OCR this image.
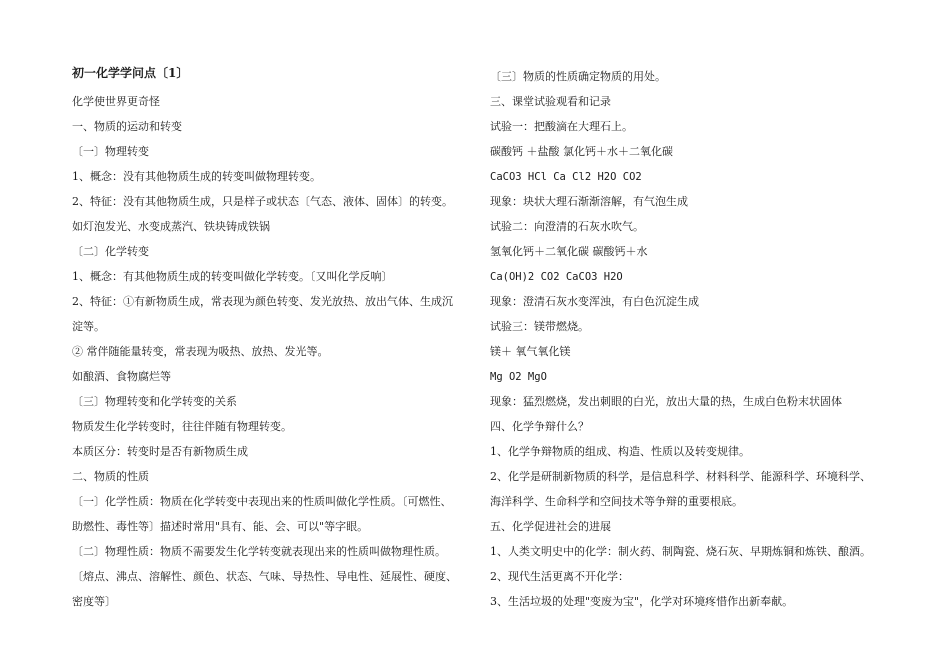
初一化学学问点〔1〕
化学使世界更奇怪
一、物质的运动和转变
〔一〕物理转变
1、概念：没有其他物质生成的转变叫做物理转变。
2、特征：没有其他物质生成，只是样子或状态〔气态、液体、固体〕的转变。
如灯泡发光、水变成蒸汽、铁块铸成铁锅
〔二〕化学转变
1、概念：有其他物质生成的转变叫做化学转变。〔又叫化学反响〕
2、特征：①有新物质生成，常表现为颜色转变、发光放热、放出气体、生成沉
淀等。
② 常伴随能量转变，常表现为吸热、放热、发光等。
如酿酒、食物腐烂等
〔三〕物理转变和化学转变的关系
物质发生化学转变时，往往伴随有物理转变。
本质区分：转变时是否有新物质生成
二、物质的性质
〔一〕化学性质：物质在化学转变中表现出来的性质叫做化学性质。〔可燃性、
助燃性、毒性等〕描述时常用"具有、能、会、可以"等字眼。
〔二〕物理性质：物质不需要发生化学转变就表现出来的性质叫做物理性质。
〔熔点、沸点、溶解性、颜色、状态、气味、导热性、导电性、延展性、硬度、
密度等〕
〔三〕物质的性质确定物质的用处。
三、课堂试验观看和记录
试验一：把酸滴在大理石上。
碳酸钙 ＋盐酸 氯化钙＋水＋二氧化碳
CaCO3 HCl Ca Cl2 H2O CO2
现象：块状大理石渐渐溶解，有气泡生成
试验二：向澄清的石灰水吹气。
氢氧化钙＋二氧化碳 碳酸钙＋水
Ca(OH)2 CO2 CaCO3 H2O
现象：澄清石灰水变浑浊，有白色沉淀生成
试验三：镁带燃烧。
镁＋ 氧气氧化镁
Mg O2 MgO
现象：猛烈燃烧，发出刺眼的白光，放出大量的热，生成白色粉末状固体
四、化学争辩什么？
1、化学争辩物质的组成、构造、性质以及转变规律。
2、化学是研制新物质的科学，是信息科学、材料科学、能源科学、环境科学、
海洋科学、生命科学和空间技术等争辩的重要根底。
五、化学促进社会的进展
1、人类文明史中的化学：制火药、制陶瓷、烧石灰、早期炼铜和炼铁、酿酒。
2、现代生活更离不开化学：
3、生活垃圾的处理"变废为宝"，化学对环境疼惜作出新奉献。
